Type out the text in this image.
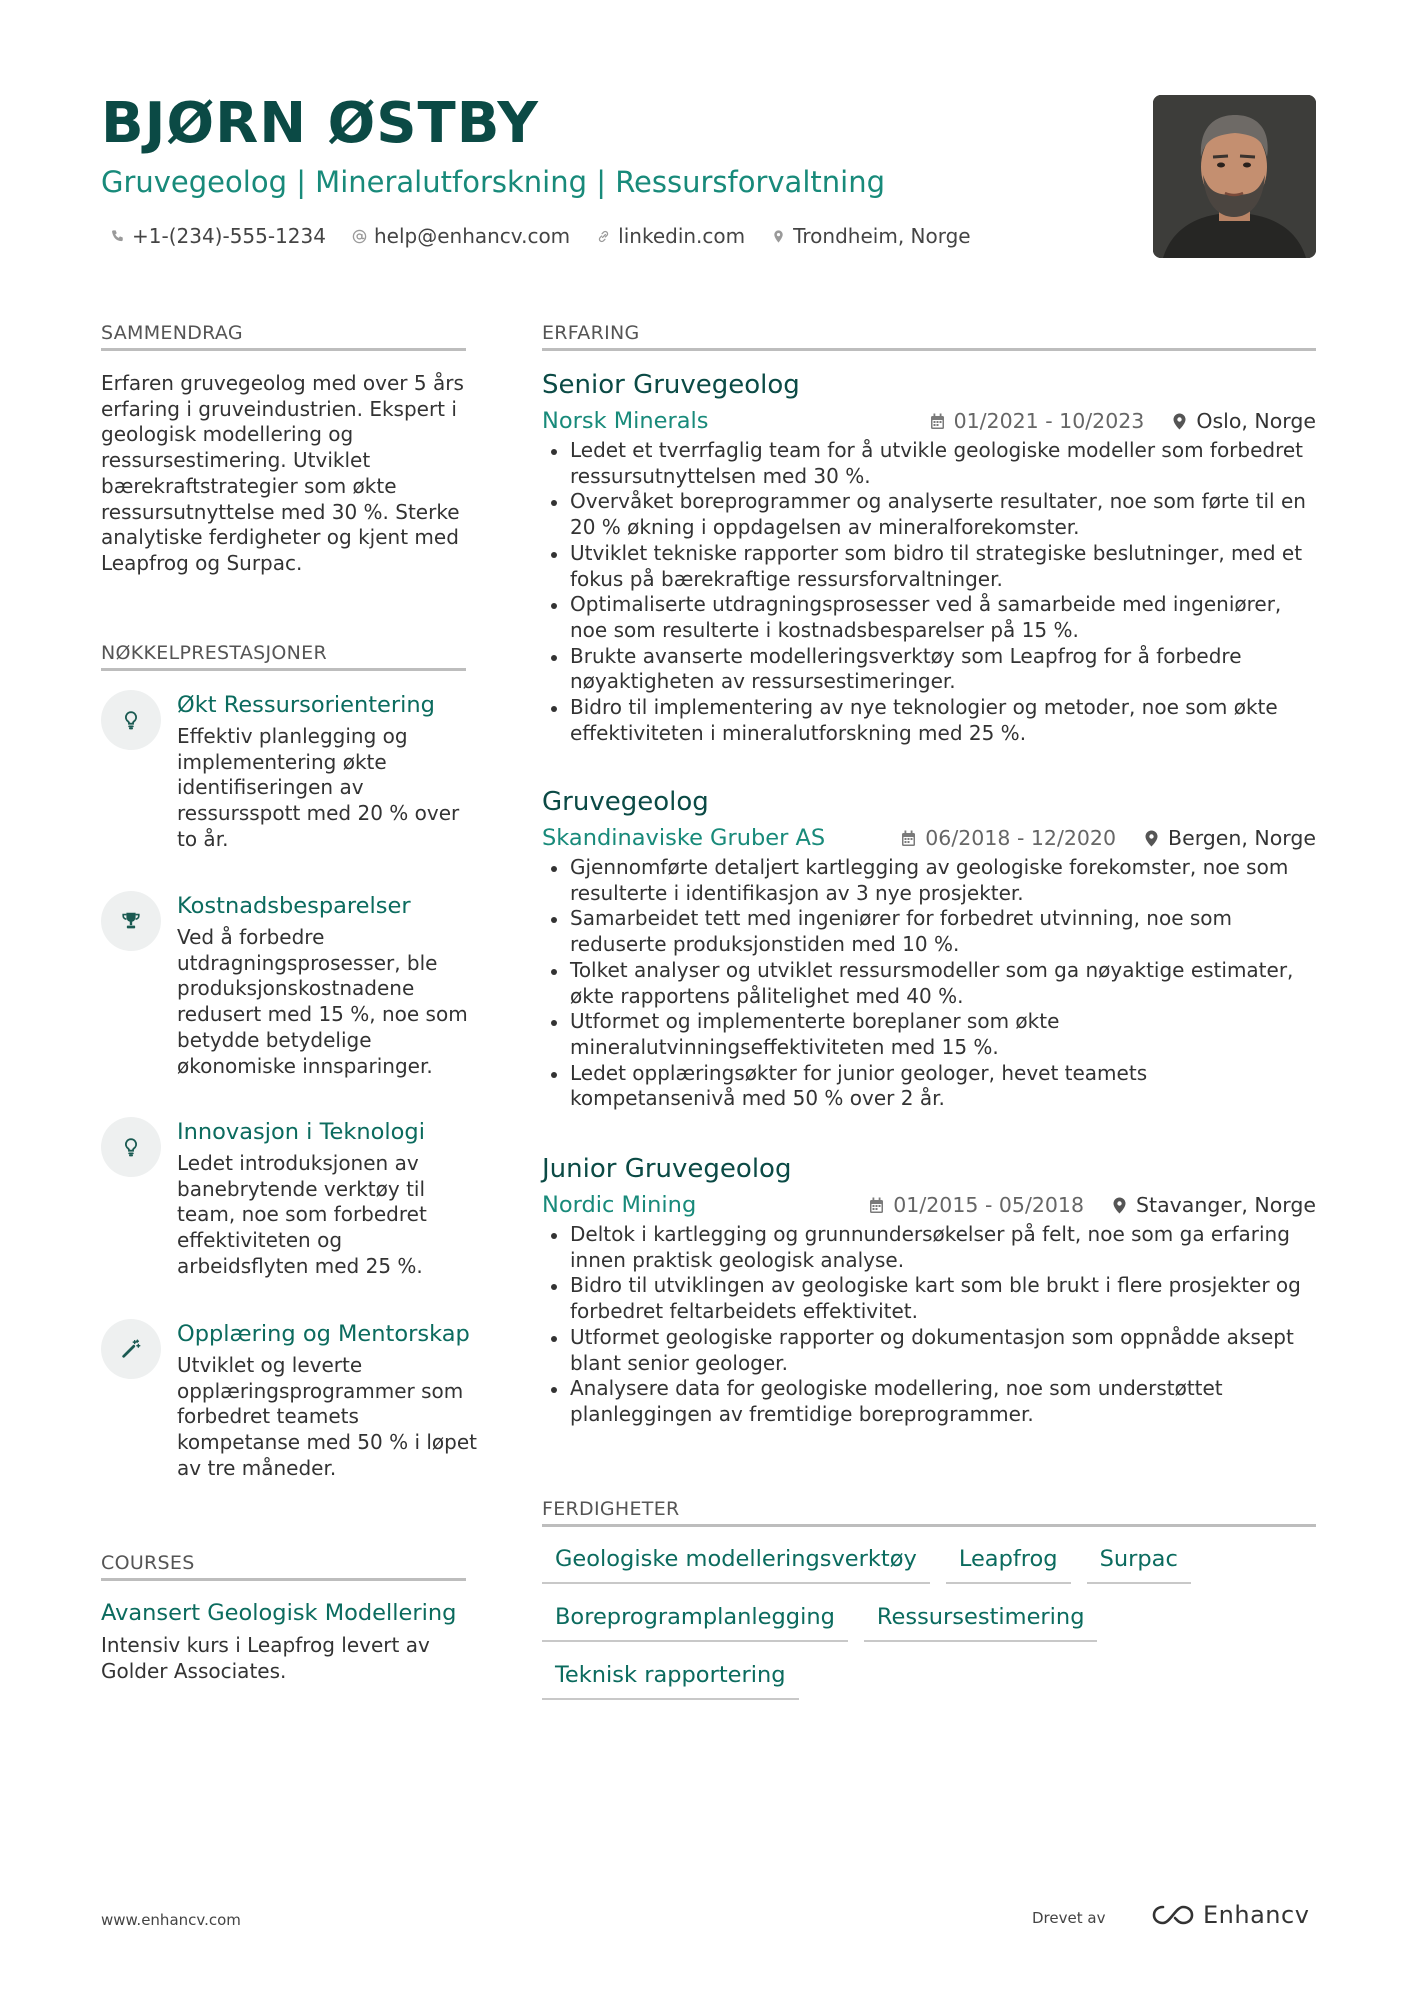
BJØRN ØSTBY
Gruvegeolog | Mineralutforskning | Ressursforvaltning
+1-(234)-555-1234 help@enhancv.com linkedin.com Trondheim, Norge
SAMMENDRAG

Erfaren gruvegeolog med over 5 års erfaring i gruveindustrien. Ekspert i geologisk modellering og ressursestimering. Utviklet bærekraftstrategier som økte ressursutnyttelse med 30 %. Sterke analytiske ferdigheter og kjent med Leapfrog og Surpac.

NØKKELPRESTASJONER
Økt Ressursorientering

Effektiv planlegging og implementering økte identifiseringen av ressursspott med 20 % over to år.

Kostnadsbesparelser

Ved å forbedre utdragningsprosesser, ble produksjonskostnadene redusert med 15 %, noe som betydde betydelige økonomiske innsparinger.

Innovasjon i Teknologi

Ledet introduksjonen av banebrytende verktøy til team, noe som forbedret effektiviteten og arbeidsflyten med 25 %.

Opplæring og Mentorskap

Utviklet og leverte opplæringsprogrammer som forbedret teamets kompetanse med 50 % i løpet av tre måneder.

COURSES
Avansert Geologisk Modellering

Intensiv kurs i Leapfrog levert av Golder Associates.

ERFARING
Senior Gruvegeolog
Norsk Minerals	01/2021 - 10/2023	Oslo, Norge
Ledet et tverrfaglig team for å utvikle geologiske modeller som forbedret ressursutnyttelsen med 30 %.
Overvåket boreprogrammer og analyserte resultater, noe som førte til en 20 % økning i oppdagelsen av mineralforekomster.
Utviklet tekniske rapporter som bidro til strategiske beslutninger, med et fokus på bærekraftige ressursforvaltninger.
Optimaliserte utdragningsprosesser ved å samarbeide med ingeniører, noe som resulterte i kostnadsbesparelser på 15 %.
Brukte avanserte modelleringsverktøy som Leapfrog for å forbedre nøyaktigheten av ressursestimeringer.
Bidro til implementering av nye teknologier og metoder, noe som økte effektiviteten i mineralutforskning med 25 %.
Gruvegeolog
Skandinaviske Gruber AS	06/2018 - 12/2020	Bergen, Norge
Gjennomførte detaljert kartlegging av geologiske forekomster, noe som resulterte i identifikasjon av 3 nye prosjekter.
Samarbeidet tett med ingeniører for forbedret utvinning, noe som reduserte produksjonstiden med 10 %.
Tolket analyser og utviklet ressursmodeller som ga nøyaktige estimater, økte rapportens pålitelighet med 40 %.
Utformet og implementerte boreplaner som økte mineralutvinningseffektiviteten med 15 %.
Ledet opplæringsøkter for junior geologer, hevet teamets kompetansenivå med 50 % over 2 år.
Junior Gruvegeolog
Nordic Mining	01/2015 - 05/2018	Stavanger, Norge
Deltok i kartlegging og grunnundersøkelser på felt, noe som ga erfaring innen praktisk geologisk analyse.
Bidro til utviklingen av geologiske kart som ble brukt i flere prosjekter og forbedret feltarbeidets effektivitet.
Utformet geologiske rapporter og dokumentasjon som oppnådde aksept blant senior geologer.
Analysere data for geologiske modellering, noe som understøttet planleggingen av fremtidige boreprogrammer.
FERDIGHETER
Geologiske modelleringsverktøy	Leapfrog	Surpac
Boreprogramplanlegging	Ressursestimering
Teknisk rapportering
www.enhancv.com	Drevet av	Enhancv
